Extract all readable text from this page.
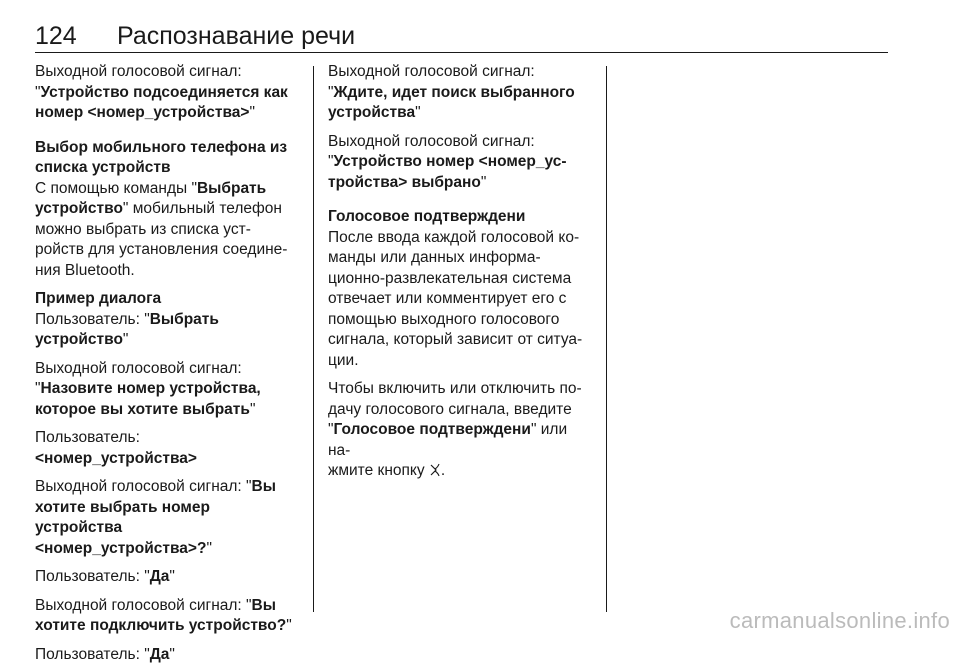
124 Распознавание речи

Выходной голосовой сигнал:
"Устройство подсоединяется как
номер <номер_устройства>"

Выбор мобильного телефона из
списка устройств

С помощью команды "Выбрать
устройство" мобильный телефон
можно выбрать из списка уст-
ройств для установления соедине-
ния Bluetooth.

Пример диалога

Пользователь: "Выбрать
устройство"

Выходной голосовой сигнал:
"Назовите номер устройства,
которое вы хотите выбрать"

Пользователь:
<номер_устройства>

Выходной голосовой сигнал: "Вы
хотите выбрать номер устройства
<номер_устройства>?"

Пользователь: "Да"

Выходной голосовой сигнал: "Вы
хотите подключить устройство?"

Пользователь: "Да"

Выходной голосовой сигнал:
"Ждите, идет поиск выбранного
устройства"

Выходной голосовой сигнал:
"Устройство номер <номер_ус-
тройства> выбрано"

Голосовое подтверждени

После ввода каждой голосовой ко-
манды или данных информа-
ционно-развлекательная система
отвечает или комментирует его с
помощью выходного голосового
сигнала, который зависит от ситуа-
ции.

Чтобы включить или отключить по-
дачу голосового сигнала, введите
"Голосовое подтверждени" или на-
жмите кнопку .

carmanualsonline.info
